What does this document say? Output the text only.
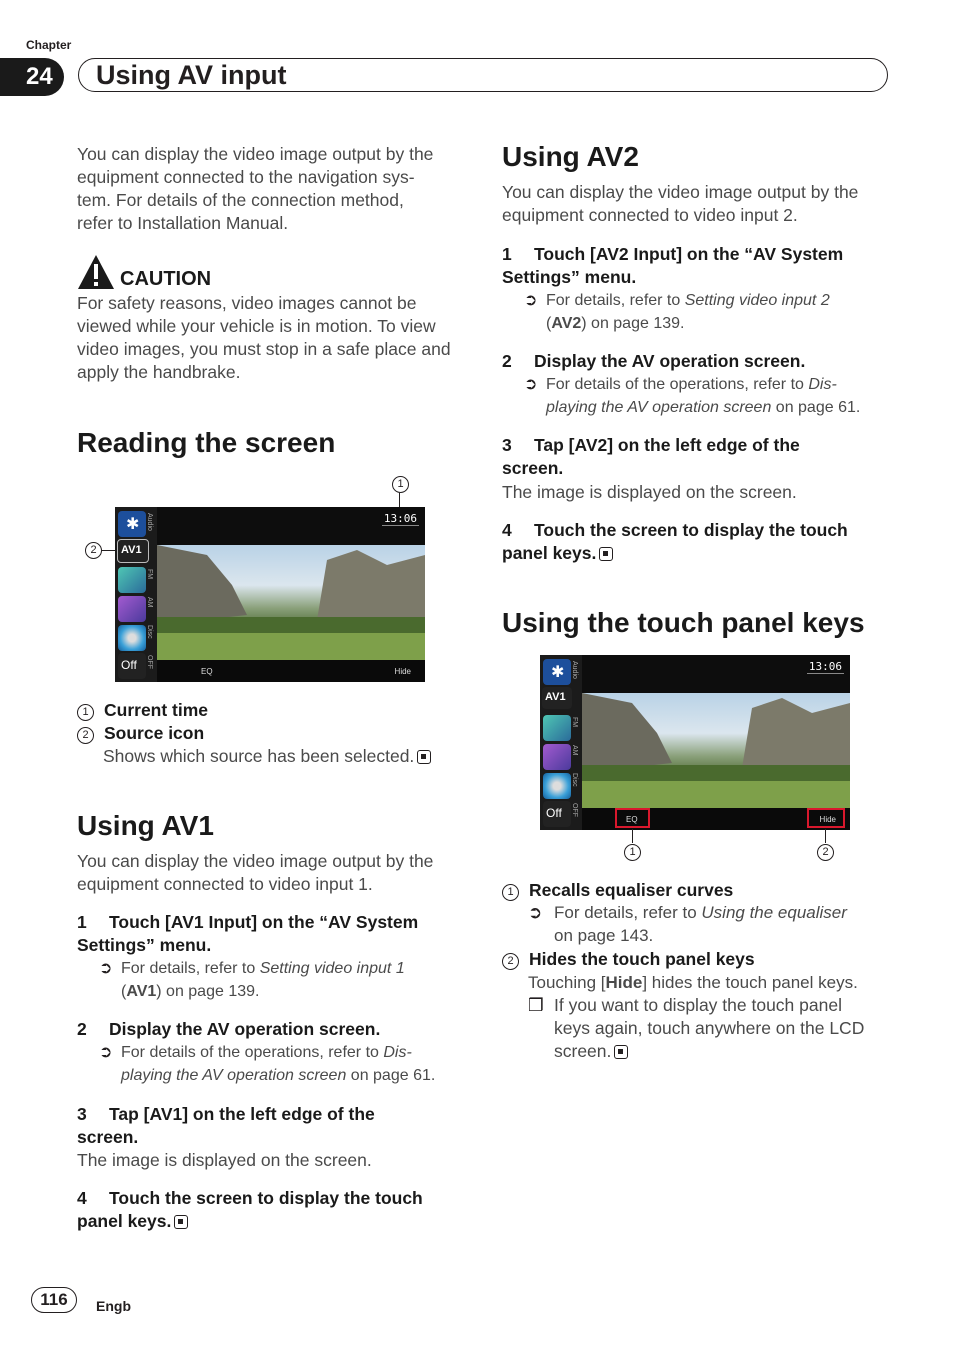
Chapter
24	Using AV input
You can display the video image output by the
equipment connected to the navigation sys-
tem. For details of the connection method,
refer to Installation Manual.
CAUTION
For safety reasons, video images cannot be
viewed while your vehicle is in motion. To view
video images, you must stop in a safe place and
apply the handbrake.
Reading the screen
1
2
✱
AV1
Off
Audio
FM
AM
Disc
OFF
13:06
EQ	Hide
1 Current time
2 Source icon
Shows which source has been selected.
Using AV1
You can display the video image output by the
equipment connected to video input 1.
1 Touch [AV1 Input] on the “AV System
Settings” menu.
➲ For details, refer to Setting video input 1
(AV1) on page 139.
2 Display the AV operation screen.
➲ For details of the operations, refer to Dis-
playing the AV operation screen on page 61.
3 Tap [AV1] on the left edge of the
screen.
The image is displayed on the screen.
4 Touch the screen to display the touch
panel keys.
Using AV2
You can display the video image output by the
equipment connected to video input 2.
1 Touch [AV2 Input] on the “AV System
Settings” menu.
➲ For details, refer to Setting video input 2
(AV2) on page 139.
2 Display the AV operation screen.
➲ For details of the operations, refer to Dis-
playing the AV operation screen on page 61.
3 Tap [AV2] on the left edge of the
screen.
The image is displayed on the screen.
4 Touch the screen to display the touch
panel keys.
Using the touch panel keys
✱
AV1
Off
Audio
FM
AM
Disc
OFF
13:06
EQ	Hide
1	2
1 Recalls equaliser curves
➲ For details, refer to Using the equaliser
on page 143.
2 Hides the touch panel keys
Touching [Hide] hides the touch panel keys.
❒ If you want to display the touch panel
keys again, touch anywhere on the LCD
screen.
116	Engb
